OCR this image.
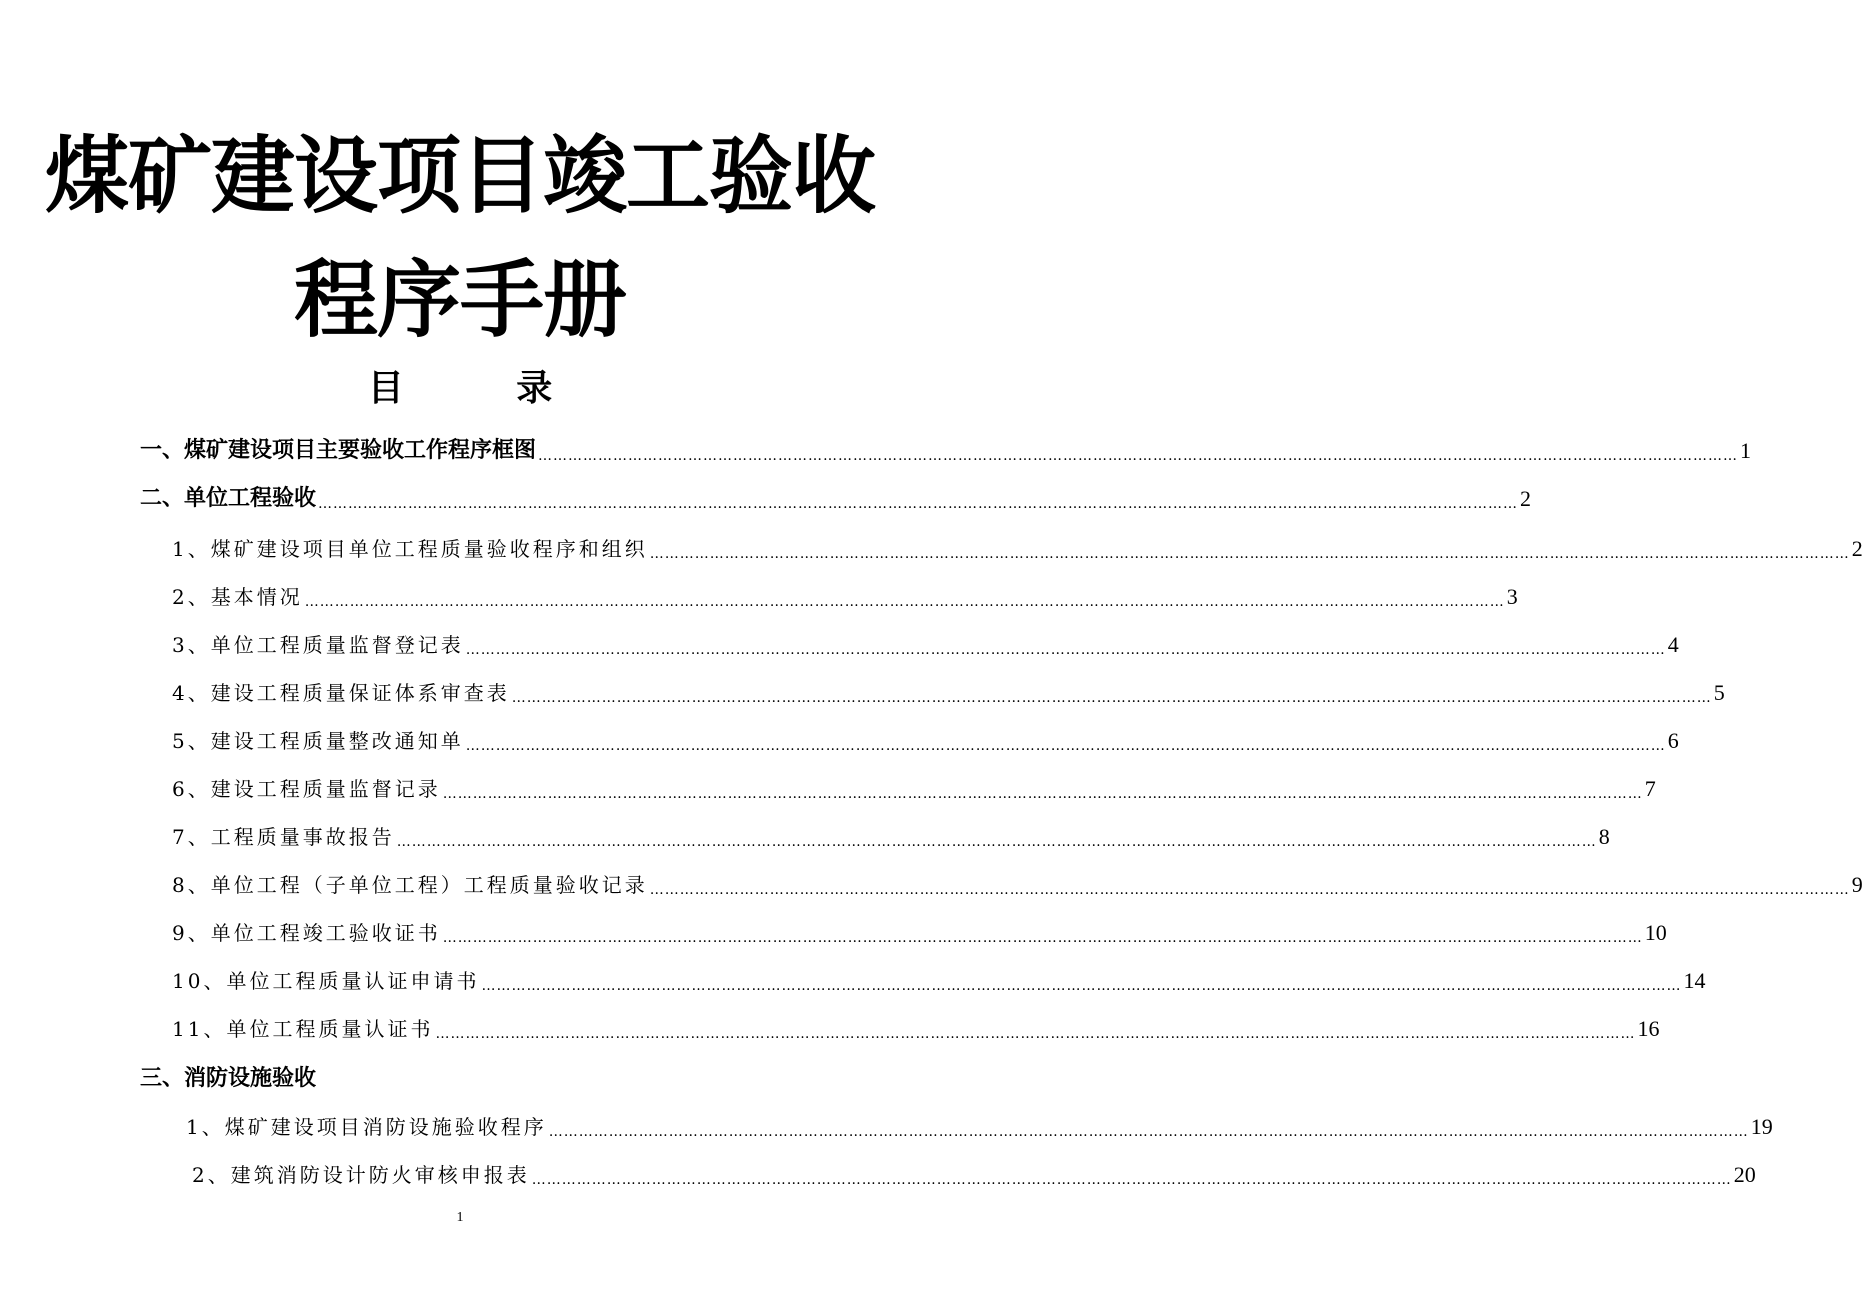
煤矿建设项目竣工验收
程序手册
目 录
一、煤矿建设项目主要验收工作程序框图 …………………………………………………………………………………………………………………………………………………………………………………………………………………… 1
二、单位工程验收 …………………………………………………………………………………………………………………………………………………………………………………………………………………… 2
1、煤矿建设项目单位工程质量验收程序和组织 …………………………………………………………………………………………………………………………………………………………………………………………………………………… 2
2、基本情况 …………………………………………………………………………………………………………………………………………………………………………………………………………………… 3
3、单位工程质量监督登记表 …………………………………………………………………………………………………………………………………………………………………………………………………………………… 4
4、建设工程质量保证体系审查表 …………………………………………………………………………………………………………………………………………………………………………………………………………………… 5
5、建设工程质量整改通知单 …………………………………………………………………………………………………………………………………………………………………………………………………………………… 6
6、建设工程质量监督记录 …………………………………………………………………………………………………………………………………………………………………………………………………………………… 7
7、工程质量事故报告 …………………………………………………………………………………………………………………………………………………………………………………………………………………… 8
8、单位工程（子单位工程）工程质量验收记录 …………………………………………………………………………………………………………………………………………………………………………………………………………………… 9
9、单位工程竣工验收证书 …………………………………………………………………………………………………………………………………………………………………………………………………………………… 10
10、单位工程质量认证申请书 …………………………………………………………………………………………………………………………………………………………………………………………………………………… 14
11、单位工程质量认证书 …………………………………………………………………………………………………………………………………………………………………………………………………………………… 16
三、消防设施验收
1、煤矿建设项目消防设施验收程序 …………………………………………………………………………………………………………………………………………………………………………………………………………………… 19
2、建筑消防设计防火审核申报表 …………………………………………………………………………………………………………………………………………………………………………………………………………………… 20
1
